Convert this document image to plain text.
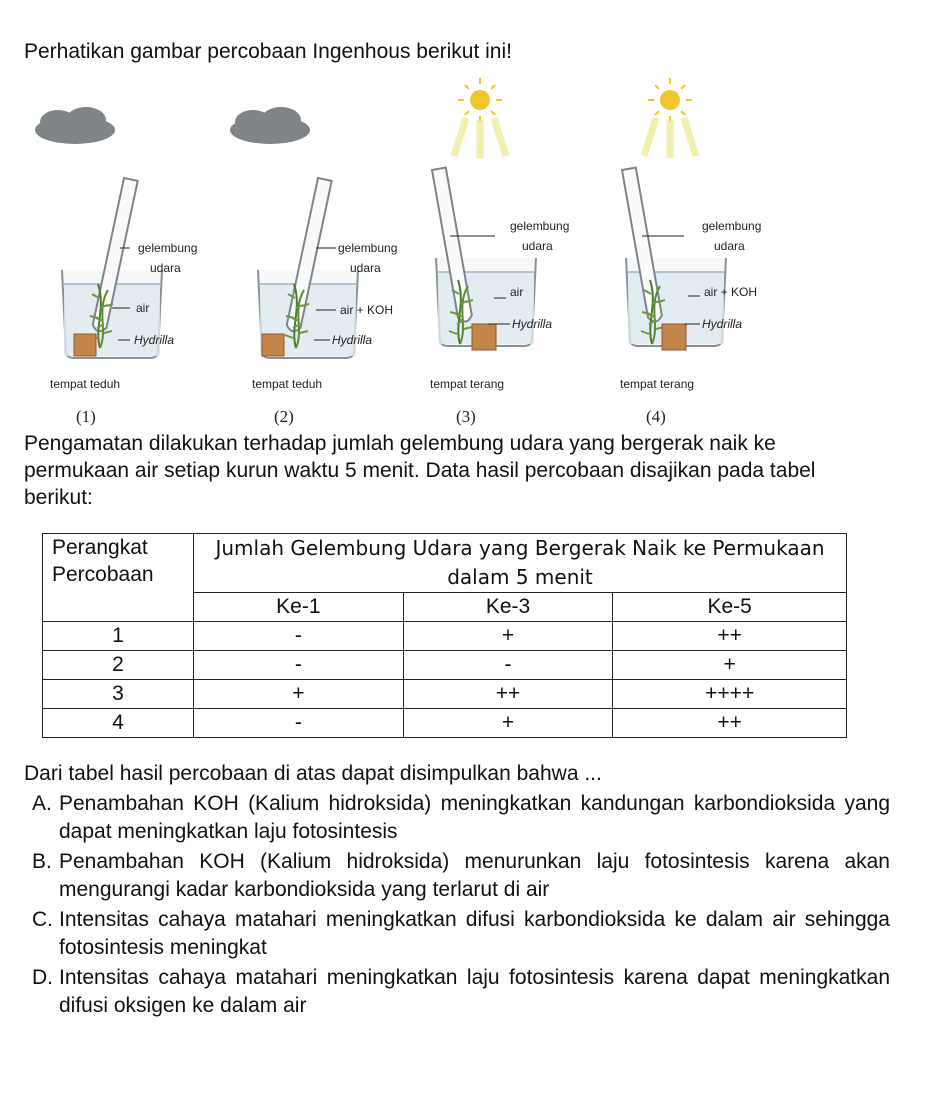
Perhatikan gambar percobaan Ingenhous berikut ini!
gelembung
udara
air
Hydrilla
tempat teduh
(1)
gelembung
udara
air + KOH
Hydrilla
tempat teduh
(2)
gelembung
udara
air
Hydrilla
tempat terang
(3)
gelembung
udara
air + KOH
Hydrilla
tempat terang
(4)

Pengamatan dilakukan terhadap jumlah gelembung udara yang bergerak naik ke permukaan air setiap kurun waktu 5 menit. Data hasil percobaan disajikan pada tabel berikut:

Perangkat Percobaan	Jumlah Gelembung Udara yang Bergerak Naik ke Permukaan dalam 5 menit		
	Ke-1	Ke-3	Ke-5
1	-	+	++
2	-	-	+
3	+	++	++++
4	-	+	++

Dari tabel hasil percobaan di atas dapat disimpulkan bahwa ...

A. Penambahan KOH (Kalium hidroksida) meningkatkan kandungan karbondioksida yang dapat meningkatkan laju fotosintesis
B. Penambahan KOH (Kalium hidroksida) menurunkan laju fotosintesis karena akan mengurangi kadar karbondioksida yang terlarut di air
C. Intensitas cahaya matahari meningkatkan difusi karbondioksida ke dalam air sehingga fotosintesis meningkat
D. Intensitas cahaya matahari meningkatkan laju fotosintesis karena dapat meningkatkan difusi oksigen ke dalam air
